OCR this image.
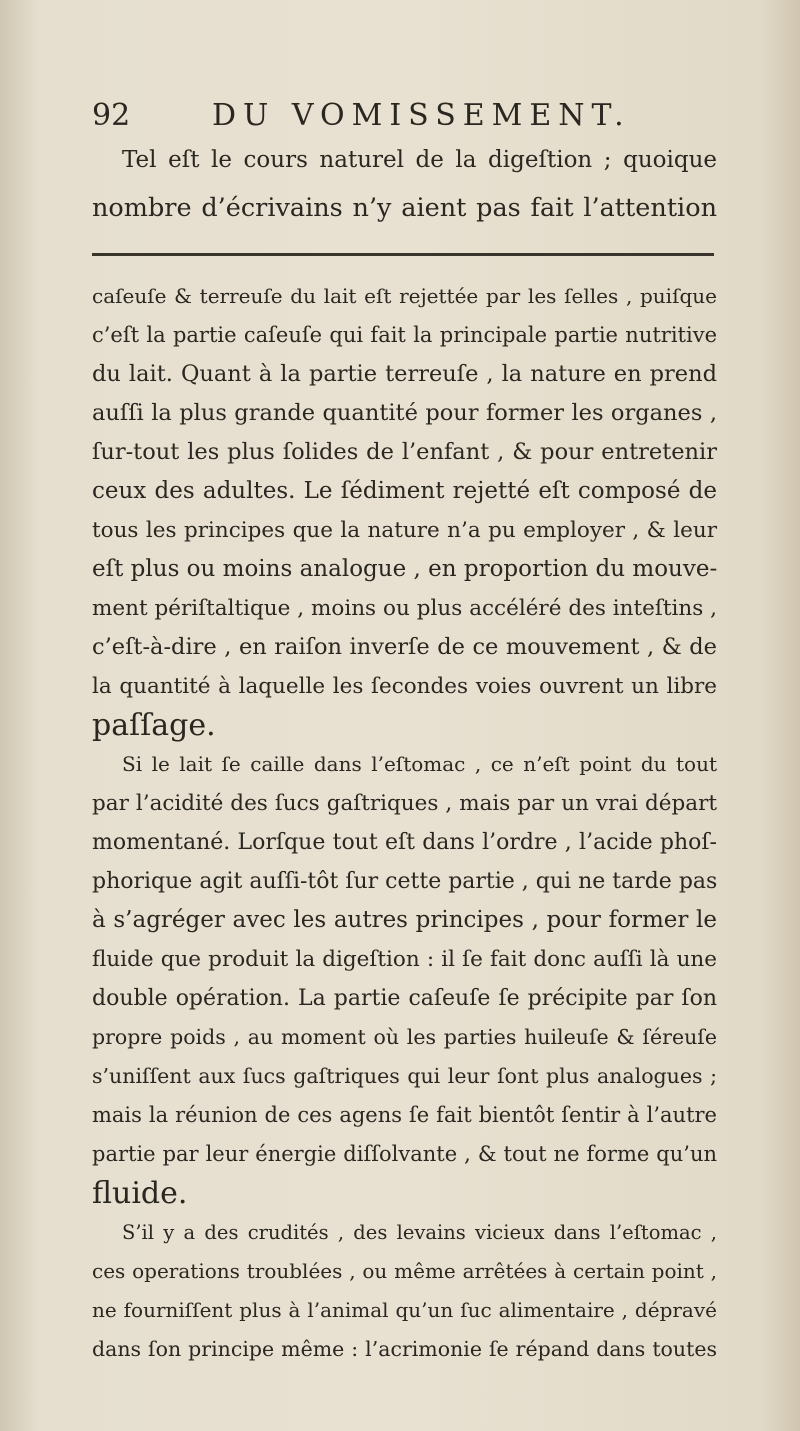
92	DU VOMISSEMENT.
Tel eſt le cours naturel de la digeſtion ; quoique
nombre d’écrivains n’y aient pas fait l’attention
caſeuſe & terreuſe du lait eſt rejettée par les ſelles , puiſque
c’eſt la partie caſeuſe qui fait la principale partie nutritive
du lait. Quant à la partie terreuſe , la nature en prend
auſſi la plus grande quantité pour former les organes ,
ſur-tout les plus ſolides de l’enfant , & pour entretenir
ceux des adultes. Le ſédiment rejetté eſt composé de
tous les principes que la nature n’a pu employer , & leur
eſt plus ou moins analogue , en proportion du mouve-
ment périſtaltique , moins ou plus accéléré des inteſtins ,
c’eſt-à-dire , en raiſon inverſe de ce mouvement , & de
la quantité à laquelle les ſecondes voies ouvrent un libre
paſſage.
Si le lait ſe caille dans l’eſtomac , ce n’eſt point du tout
par l’acidité des ſucs gaſtriques , mais par un vrai départ
momentané. Lorſque tout eſt dans l’ordre , l’acide phoſ-
phorique agit auſſi-tôt ſur cette partie , qui ne tarde pas
à s’agréger avec les autres principes , pour former le
fluide que produit la digeſtion : il ſe fait donc auſſi là une
double opération. La partie caſeuſe ſe précipite par ſon
propre poids , au moment où les parties huileuſe & ſéreuſe
s’uniſſent aux ſucs gaſtriques qui leur ſont plus analogues ;
mais la réunion de ces agens ſe fait bientôt ſentir à l’autre
partie par leur énergie diſſolvante , & tout ne forme qu’un
fluide.
S’il y a des crudités , des levains vicieux dans l’eſtomac ,
ces operations troublées , ou même arrêtées à certain point ,
ne fourniſſent plus à l’animal qu’un ſuc alimentaire , dépravé
dans ſon principe même : l’acrimonie ſe répand dans toutes
